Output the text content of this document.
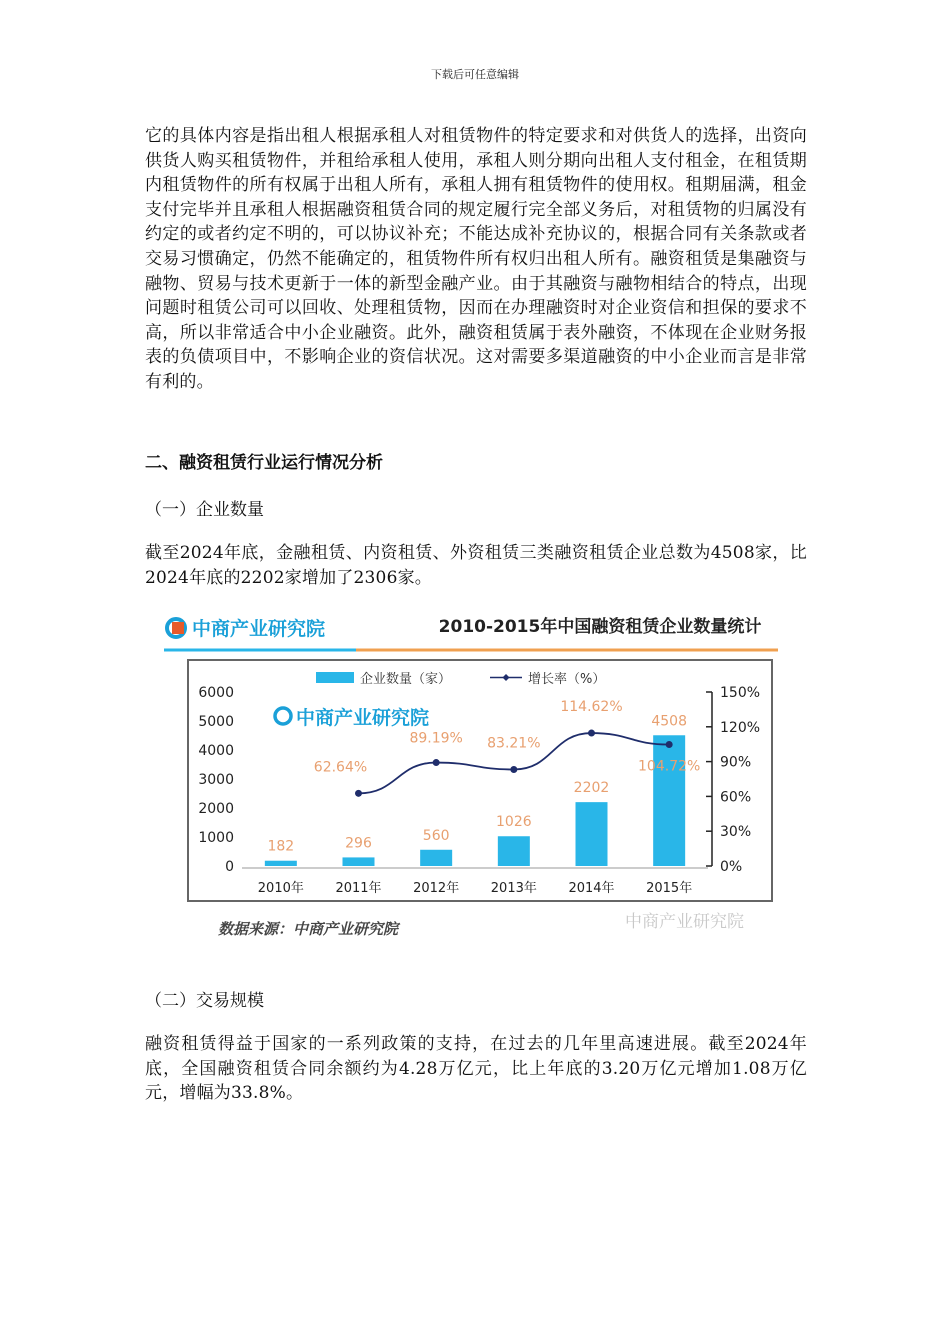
下载后可任意编辑

它的具体内容是指出租人根据承租人对租赁物件的特定要求和对供货人的选择，出资向供货人购买租赁物件，并租给承租人使用，承租人则分期向出租人支付租金，在租赁期内租赁物件的所有权属于出租人所有，承租人拥有租赁物件的使用权。租期届满，租金支付完毕并且承租人根据融资租赁合同的规定履行完全部义务后，对租赁物的归属没有约定的或者约定不明的，可以协议补充；不能达成补充协议的，根据合同有关条款或者交易习惯确定，仍然不能确定的，租赁物件所有权归出租人所有。融资租赁是集融资与融物、贸易与技术更新于一体的新型金融产业。由于其融资与融物相结合的特点，出现问题时租赁公司可以回收、处理租赁物，因而在办理融资时对企业资信和担保的要求不高，所以非常适合中小企业融资。此外，融资租赁属于表外融资，不体现在企业财务报表的负债项目中，不影响企业的资信状况。这对需要多渠道融资的中小企业而言是非常有利的。

二、融资租赁行业运行情况分析

（一）企业数量

截至2024年底，金融租赁、内资租赁、外资租赁三类融资租赁企业总数为4508家，比2024年底的2202家增加了2306家。

中商产业研究院	2010-2015年中国融资租赁企业数量统计
中商产业研究院
企业数量（家）	增长率（%）
0
1000
2000
3000
4000
5000
6000
0%
30%
60%
90%
120%
150%
2010年 2011年 2012年 2013年 2014年 2015年
182	296	560
1026
2202
4508
62.64%
89.19% 83.21%
114.62%
104.72%
数据来源：中商产业研究院	中商产业研究院

（二）交易规模

融资租赁得益于国家的一系列政策的支持，在过去的几年里高速进展。截至2024年底，全国融资租赁合同余额约为4.28万亿元，比上年底的3.20万亿元增加1.08万亿元，增幅为33.8%。
